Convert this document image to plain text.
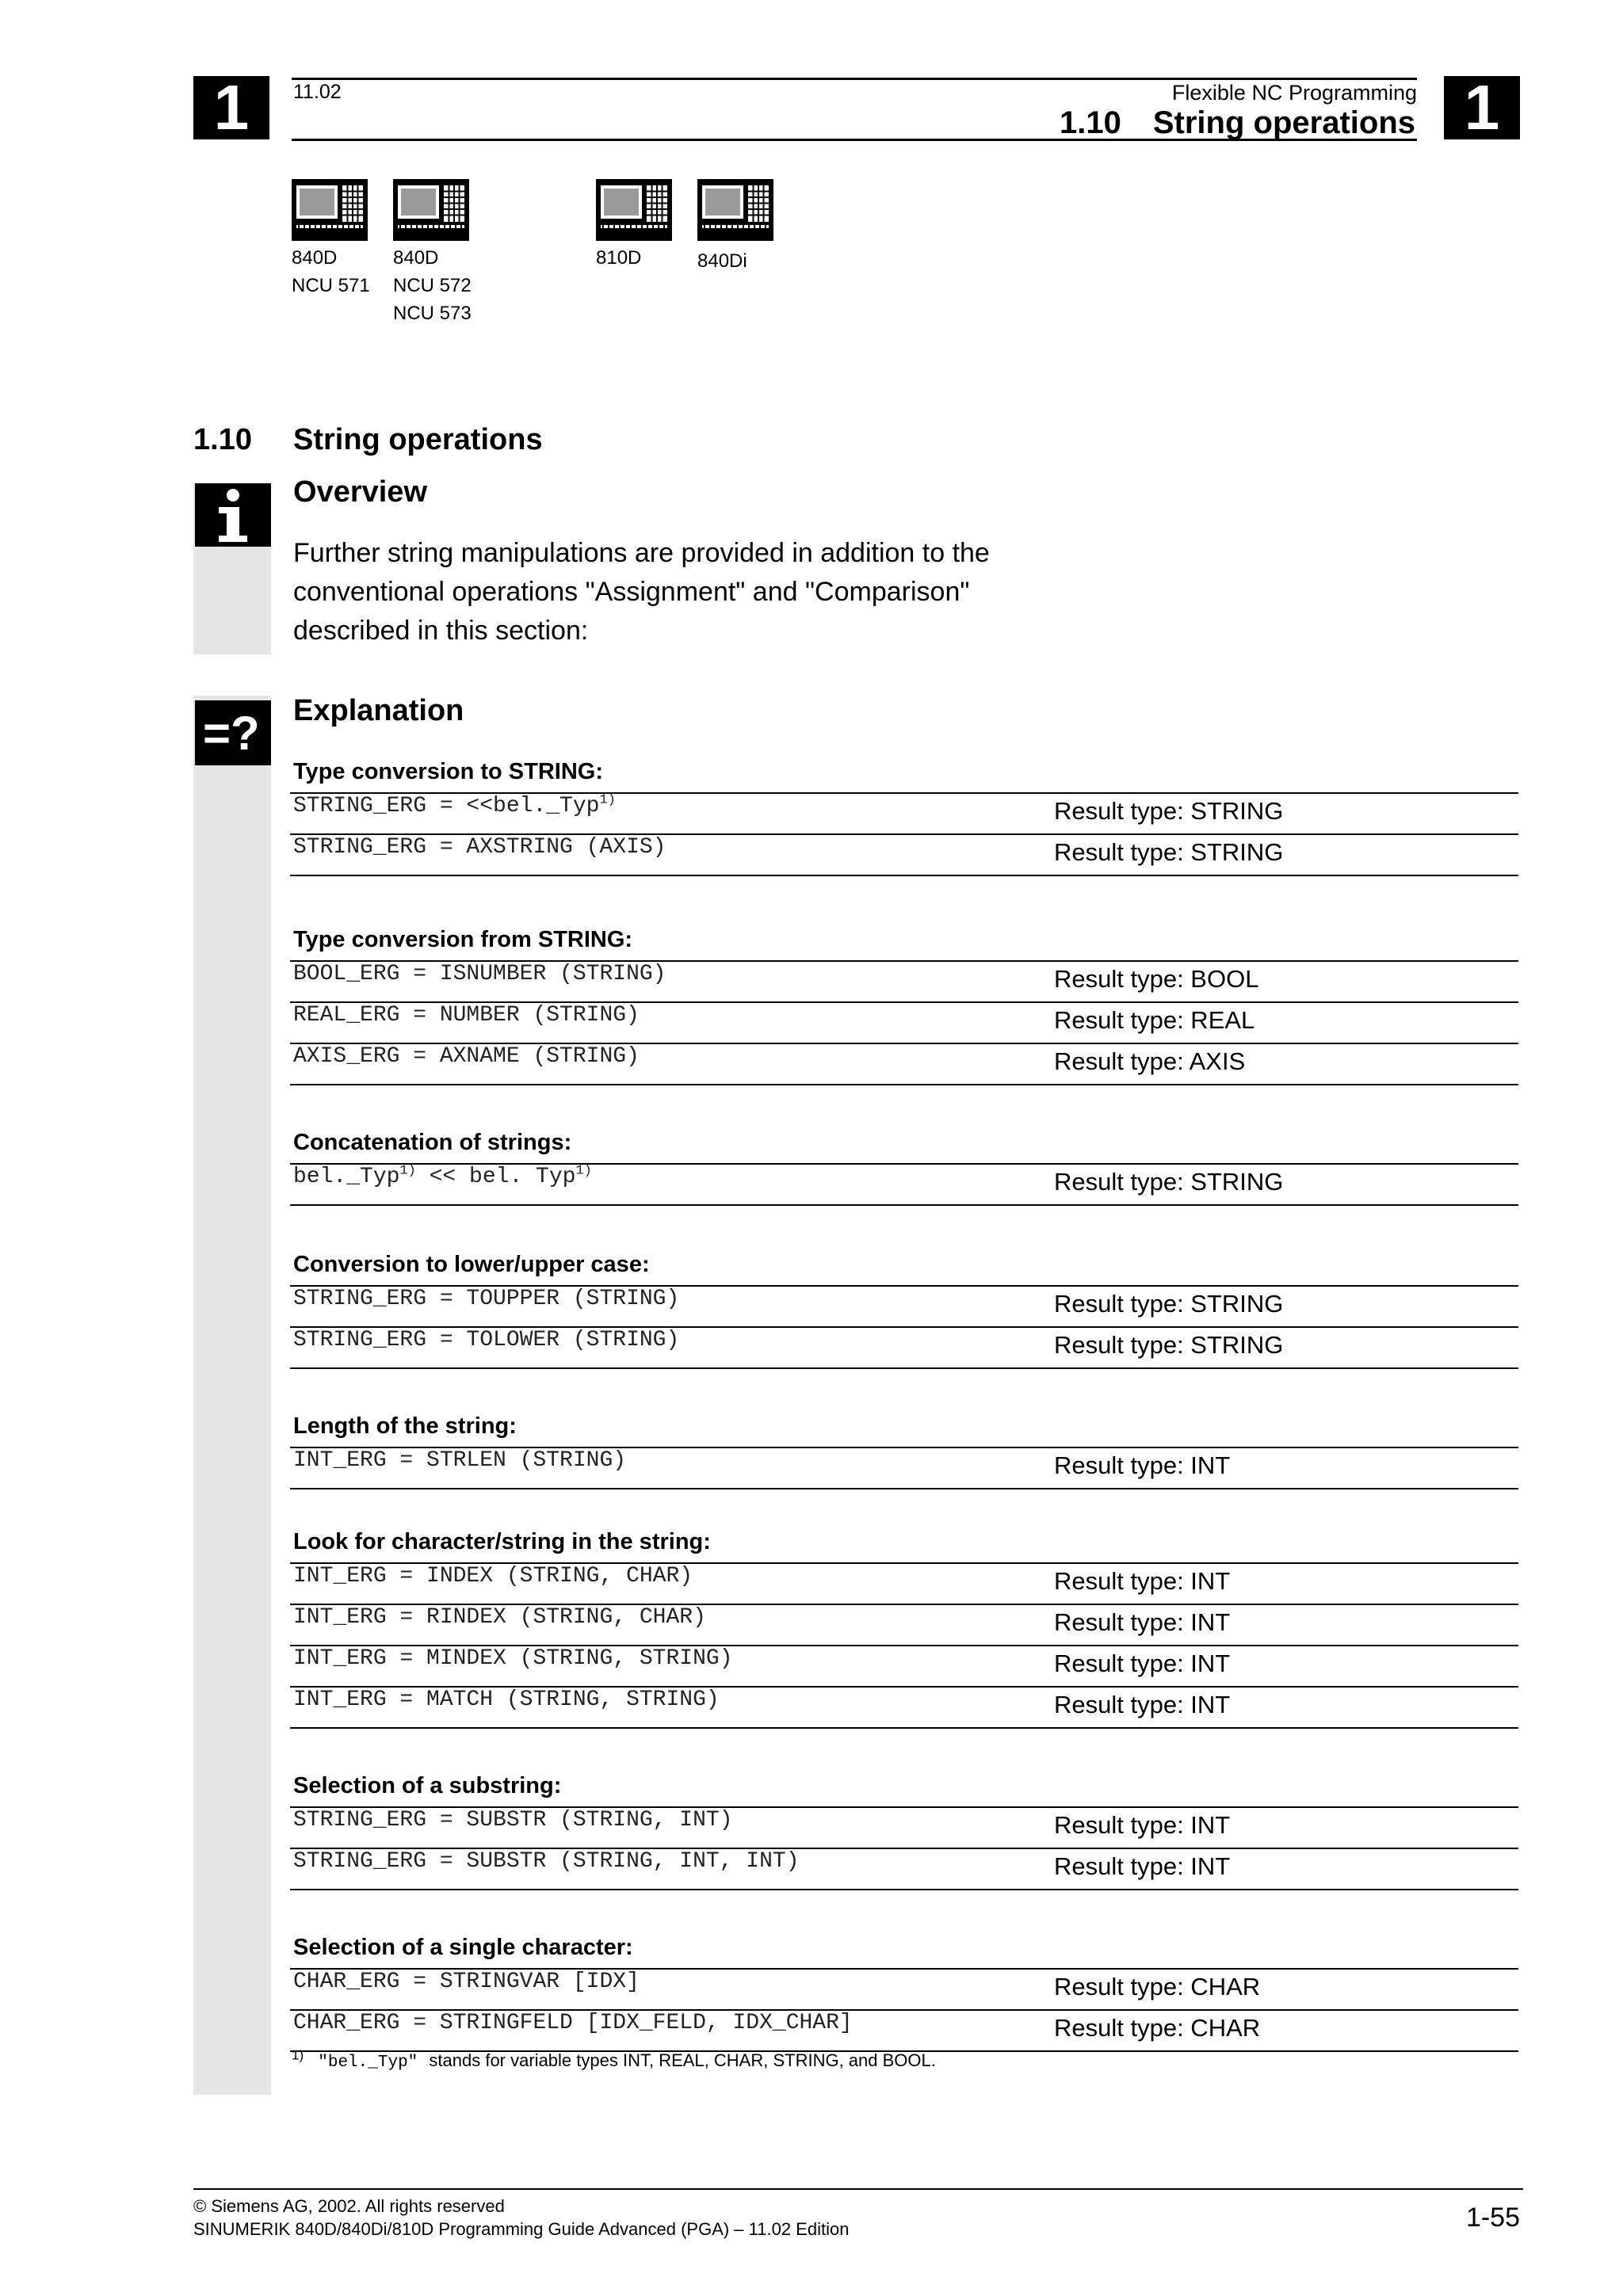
1	1
11.02	Flexible NC Programming
1.10 String operations
840D
NCU 571
840D
NCU 572
NCU 573
810D	840Di
=?
1.10 String operations
Overview
Further string manipulations are provided in addition to the
conventional operations "Assignment" and "Comparison"
described in this section:
Explanation
Type conversion to STRING:
STRING_ERG = <<bel._Typ$^{1)}$	Result type: STRING
STRING_ERG = AXSTRING (AXIS)	Result type: STRING
Type conversion from STRING:
BOOL_ERG = ISNUMBER (STRING)	Result type: BOOL
REAL_ERG = NUMBER (STRING)	Result type: REAL
AXIS_ERG = AXNAME (STRING)	Result type: AXIS
Concatenation of strings:
bel._Typ$^{1)}$ << bel. Typ$^{1)}$	Result type: STRING
Conversion to lower/upper case:
STRING_ERG = TOUPPER (STRING)	Result type: STRING
STRING_ERG = TOLOWER (STRING)	Result type: STRING
Length of the string:
INT_ERG = STRLEN (STRING)	Result type: INT
Look for character/string in the string:
INT_ERG = INDEX (STRING, CHAR)	Result type: INT
INT_ERG = RINDEX (STRING, CHAR)	Result type: INT
INT_ERG = MINDEX (STRING, STRING)	Result type: INT
INT_ERG = MATCH (STRING, STRING)	Result type: INT
Selection of a substring:
STRING_ERG = SUBSTR (STRING, INT)	Result type: INT
STRING_ERG = SUBSTR (STRING, INT, INT)	Result type: INT
Selection of a single character:
CHAR_ERG = STRINGVAR [IDX]	Result type: CHAR
CHAR_ERG = STRINGFELD [IDX_FELD, IDX_CHAR]	Result type: CHAR
$^{1)}$ "bel._Typ" stands for variable types INT, REAL, CHAR, STRING, and BOOL.
© Siemens AG, 2002. All rights reserved
SINUMERIK 840D/840Di/810D Programming Guide Advanced (PGA) – 11.02 Edition	1-55
